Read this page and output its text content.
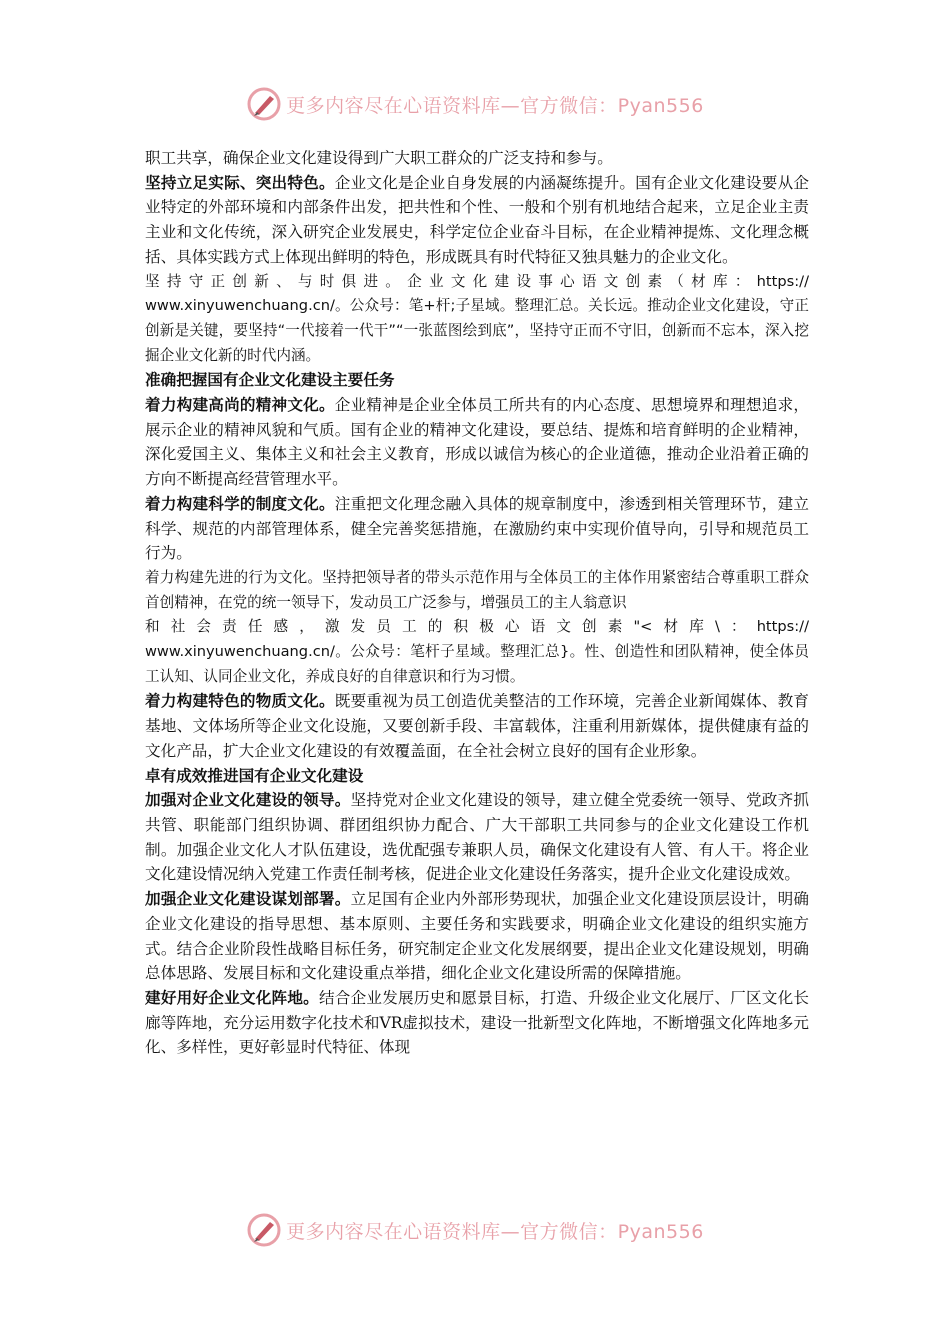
更多内容尽在心语资料库—官方微信：Pyan556

职工共享，确保企业文化建设得到广大职工群众的广泛支持和参与。

坚持立足实际、突出特色。企业文化是企业自身发展的内涵凝练提升。国有企业文化建设要从企业特定的外部环境和内部条件出发，把共性和个性、一般和个别有机地结合起来，立足企业主责主业和文化传统，深入研究企业发展史，科学定位企业奋斗目标，在企业精神提炼、文化理念概括、具体实践方式上体现出鲜明的特色，形成既具有时代特征又独具魅力的企业文化。

坚持守正创新、与时俱进。企业文化建设事心语文创素（材库：https://

www.xinyuwenchuang.cn/。公众号：笔+杆;子星域。整理汇总。关长远。推动企业文化建设，守正创新是关键，要坚持“一代接着一代干”“一张蓝图绘到底”，坚持守正而不守旧，创新而不忘本，深入挖掘企业文化新的时代内涵。

准确把握国有企业文化建设主要任务

着力构建高尚的精神文化。企业精神是企业全体员工所共有的内心态度、思想境界和理想追求，展示企业的精神风貌和气质。国有企业的精神文化建设，要总结、提炼和培育鲜明的企业精神，深化爱国主义、集体主义和社会主义教育，形成以诚信为核心的企业道德，推动企业沿着正确的方向不断提高经营管理水平。

着力构建科学的制度文化。注重把文化理念融入具体的规章制度中，渗透到相关管理环节，建立科学、规范的内部管理体系，健全完善奖惩措施，在激励约束中实现价值导向，引导和规范员工行为。

着力构建先进的行为文化。坚持把领导者的带头示范作用与全体员工的主体作用紧密结合尊重职工群众首创精神，在党的统一领导下，发动员工广泛参与，增强员工的主人翁意识

和社会责任感，激发员工的积极心语文创素"<材库\：https://

www.xinyuwenchuang.cn/。公众号：笔杆子星域。整理汇总}。性、创造性和团队精神，使全体员工认知、认同企业文化，养成良好的自律意识和行为习惯。

着力构建特色的物质文化。既要重视为员工创造优美整洁的工作环境，完善企业新闻媒体、教育基地、文体场所等企业文化设施，又要创新手段、丰富载体，注重利用新媒体，提供健康有益的文化产品，扩大企业文化建设的有效覆盖面，在全社会树立良好的国有企业形象。

卓有成效推进国有企业文化建设

加强对企业文化建设的领导。坚持党对企业文化建设的领导，建立健全党委统一领导、党政齐抓共管、职能部门组织协调、群团组织协力配合、广大干部职工共同参与的企业文化建设工作机制。加强企业文化人才队伍建设，选优配强专兼职人员，确保文化建设有人管、有人干。将企业文化建设情况纳入党建工作责任制考核，促进企业文化建设任务落实，提升企业文化建设成效。

加强企业文化建设谋划部署。立足国有企业内外部形势现状，加强企业文化建设顶层设计，明确企业文化建设的指导思想、基本原则、主要任务和实践要求，明确企业文化建设的组织实施方式。结合企业阶段性战略目标任务，研究制定企业文化发展纲要，提出企业文化建设规划，明确总体思路、发展目标和文化建设重点举措，细化企业文化建设所需的保障措施。

建好用好企业文化阵地。结合企业发展历史和愿景目标，打造、升级企业文化展厅、厂区文化长廊等阵地，充分运用数字化技术和VR虚拟技术，建设一批新型文化阵地，不断增强文化阵地多元化、多样性，更好彰显时代特征、体现

更多内容尽在心语资料库—官方微信：Pyan556
